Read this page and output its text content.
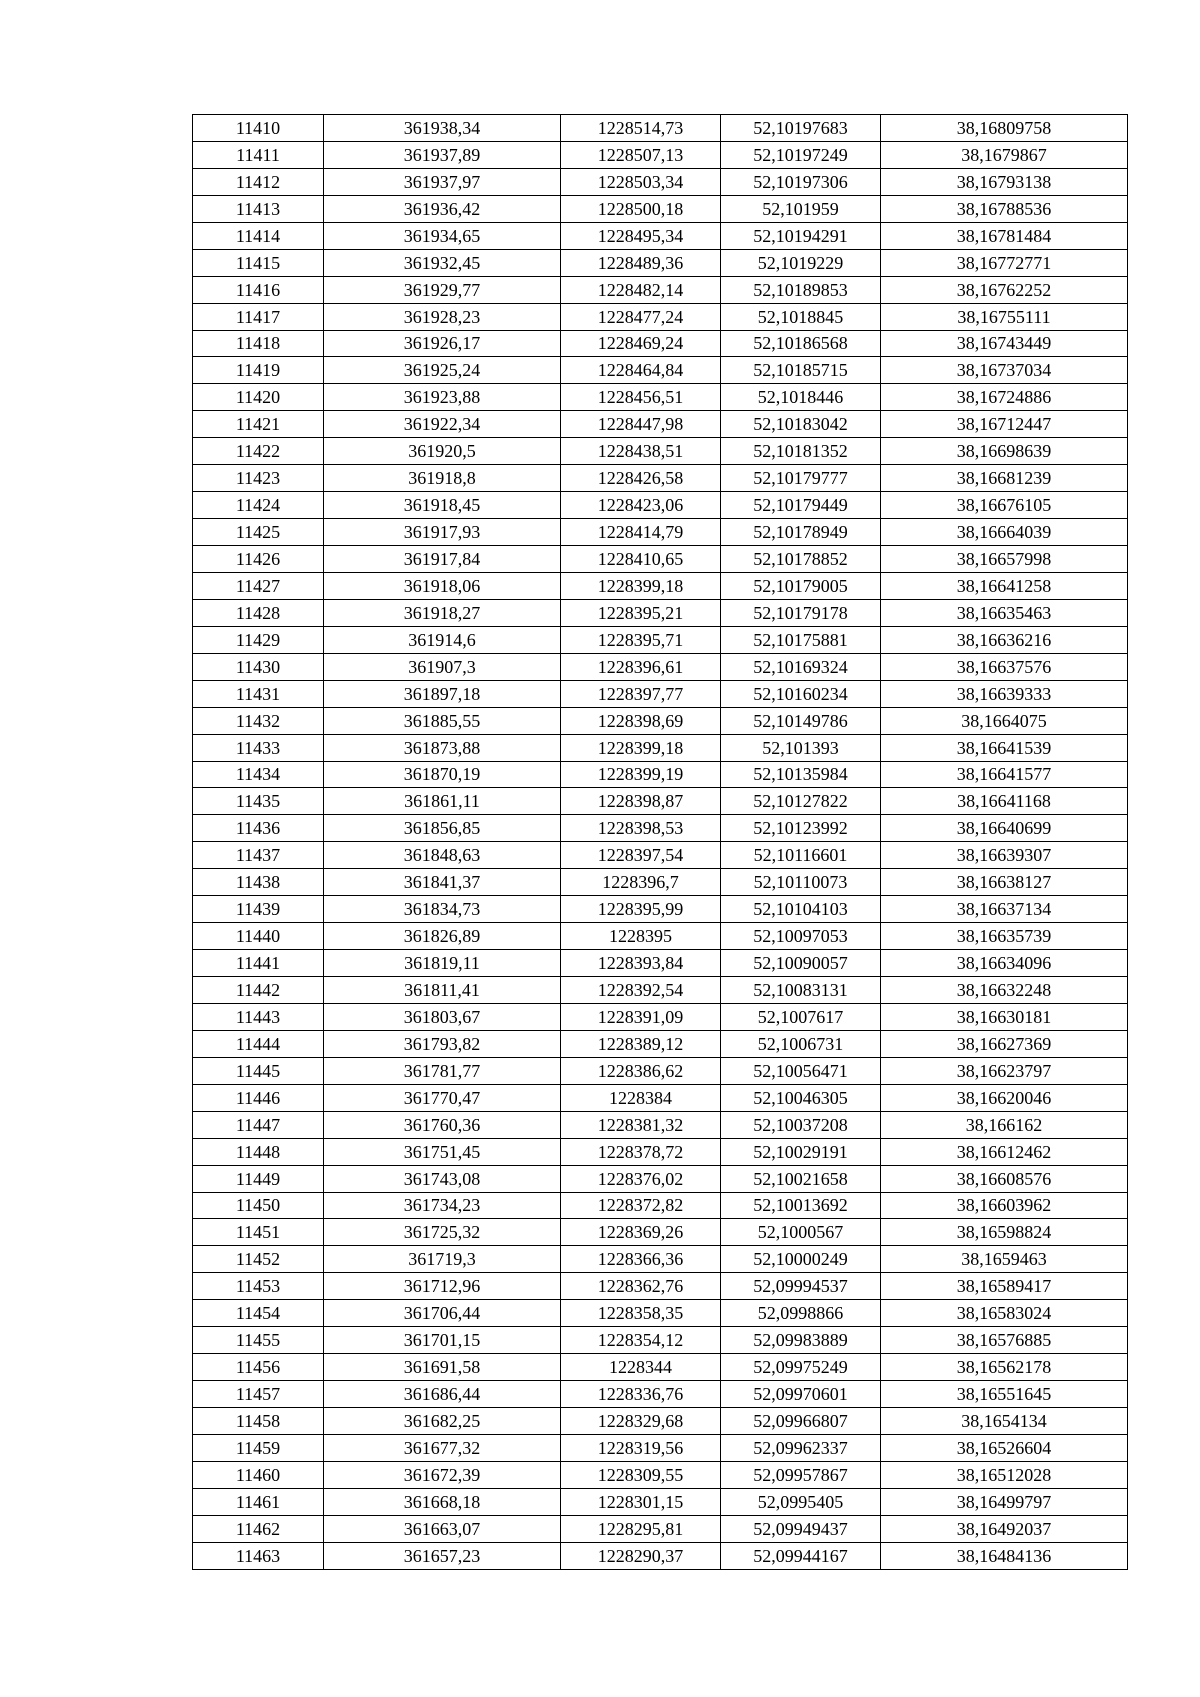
11410	361938,34	1228514,73	52,10197683	38,16809758
11411	361937,89	1228507,13	52,10197249	38,1679867
11412	361937,97	1228503,34	52,10197306	38,16793138
11413	361936,42	1228500,18	52,101959	38,16788536
11414	361934,65	1228495,34	52,10194291	38,16781484
11415	361932,45	1228489,36	52,1019229	38,16772771
11416	361929,77	1228482,14	52,10189853	38,16762252
11417	361928,23	1228477,24	52,1018845	38,16755111
11418	361926,17	1228469,24	52,10186568	38,16743449
11419	361925,24	1228464,84	52,10185715	38,16737034
11420	361923,88	1228456,51	52,1018446	38,16724886
11421	361922,34	1228447,98	52,10183042	38,16712447
11422	361920,5	1228438,51	52,10181352	38,16698639
11423	361918,8	1228426,58	52,10179777	38,16681239
11424	361918,45	1228423,06	52,10179449	38,16676105
11425	361917,93	1228414,79	52,10178949	38,16664039
11426	361917,84	1228410,65	52,10178852	38,16657998
11427	361918,06	1228399,18	52,10179005	38,16641258
11428	361918,27	1228395,21	52,10179178	38,16635463
11429	361914,6	1228395,71	52,10175881	38,16636216
11430	361907,3	1228396,61	52,10169324	38,16637576
11431	361897,18	1228397,77	52,10160234	38,16639333
11432	361885,55	1228398,69	52,10149786	38,1664075
11433	361873,88	1228399,18	52,101393	38,16641539
11434	361870,19	1228399,19	52,10135984	38,16641577
11435	361861,11	1228398,87	52,10127822	38,16641168
11436	361856,85	1228398,53	52,10123992	38,16640699
11437	361848,63	1228397,54	52,10116601	38,16639307
11438	361841,37	1228396,7	52,10110073	38,16638127
11439	361834,73	1228395,99	52,10104103	38,16637134
11440	361826,89	1228395	52,10097053	38,16635739
11441	361819,11	1228393,84	52,10090057	38,16634096
11442	361811,41	1228392,54	52,10083131	38,16632248
11443	361803,67	1228391,09	52,1007617	38,16630181
11444	361793,82	1228389,12	52,1006731	38,16627369
11445	361781,77	1228386,62	52,10056471	38,16623797
11446	361770,47	1228384	52,10046305	38,16620046
11447	361760,36	1228381,32	52,10037208	38,166162
11448	361751,45	1228378,72	52,10029191	38,16612462
11449	361743,08	1228376,02	52,10021658	38,16608576
11450	361734,23	1228372,82	52,10013692	38,16603962
11451	361725,32	1228369,26	52,1000567	38,16598824
11452	361719,3	1228366,36	52,10000249	38,1659463
11453	361712,96	1228362,76	52,09994537	38,16589417
11454	361706,44	1228358,35	52,0998866	38,16583024
11455	361701,15	1228354,12	52,09983889	38,16576885
11456	361691,58	1228344	52,09975249	38,16562178
11457	361686,44	1228336,76	52,09970601	38,16551645
11458	361682,25	1228329,68	52,09966807	38,1654134
11459	361677,32	1228319,56	52,09962337	38,16526604
11460	361672,39	1228309,55	52,09957867	38,16512028
11461	361668,18	1228301,15	52,0995405	38,16499797
11462	361663,07	1228295,81	52,09949437	38,16492037
11463	361657,23	1228290,37	52,09944167	38,16484136
